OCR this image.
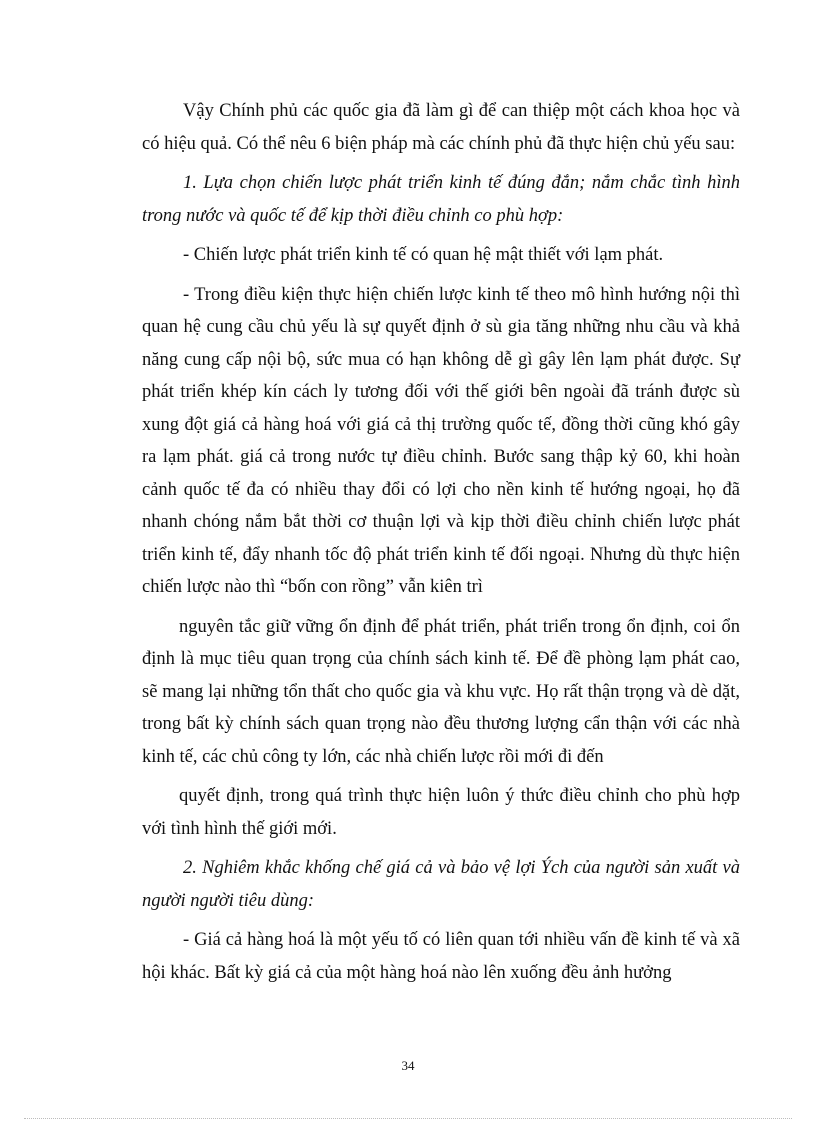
Vậy Chính phủ các quốc gia đã làm gì để can thiệp một cách khoa học và có hiệu quả. Có thể nêu 6 biện pháp mà các chính phủ đã thực hiện chủ yếu sau:

1. Lựa chọn chiến lược phát triển kinh tế đúng đắn; nắm chắc tình hình trong nước và quốc tế để kịp thời điều chỉnh co phù hợp:

- Chiến lược phát triển kinh tế có quan hệ mật thiết với lạm phát.

- Trong điều kiện thực hiện chiến lược kinh tế theo mô hình hướng nội thì quan hệ cung cầu chủ yếu là sự quyết định ở sù gia tăng những nhu cầu và khả năng cung cấp nội bộ, sức mua có hạn không dễ gì gây lên lạm phát được. Sự phát triển khép kín cách ly tương đối với thế giới bên ngoài đã tránh được sù xung đột giá cả hàng hoá với giá cả thị trường quốc tế, đồng thời cũng khó gây ra lạm phát. giá cả trong nước tự điều chỉnh. Bước sang thập kỷ 60, khi hoàn cảnh quốc tế đa có nhiều thay đổi có lợi cho nền kinh tế hướng ngoại, họ đã nhanh chóng nắm bắt thời cơ thuận lợi và kịp thời điều chỉnh chiến lược phát triển kinh tế, đẩy nhanh tốc độ phát triển kinh tế đối ngoại. Nhưng dù thực hiện chiến lược nào thì “bốn con rồng” vẫn kiên trì

nguyên tắc giữ vững ổn định để phát triển, phát triển trong ổn định, coi ổn định là mục tiêu quan trọng của chính sách kinh tế. Để đề phòng lạm phát cao, sẽ mang lại những tổn thất cho quốc gia và khu vực. Họ rất thận trọng và dè dặt, trong bất kỳ chính sách quan trọng nào đều thương lượng cẩn thận với các nhà kinh tế, các chủ công ty lớn, các nhà chiến lược rồi mới đi đến

quyết định, trong quá trình thực hiện luôn ý thức điều chỉnh cho phù hợp với tình hình thế giới mới.

2. Nghiêm khắc khống chế giá cả và bảo vệ lợi Ých của người sản xuất và người người tiêu dùng:

- Giá cả hàng hoá là một yếu tố có liên quan tới nhiều vấn đề kinh tế và xã hội khác. Bất kỳ giá cả của một hàng hoá nào lên xuống đều ảnh hưởng

34
